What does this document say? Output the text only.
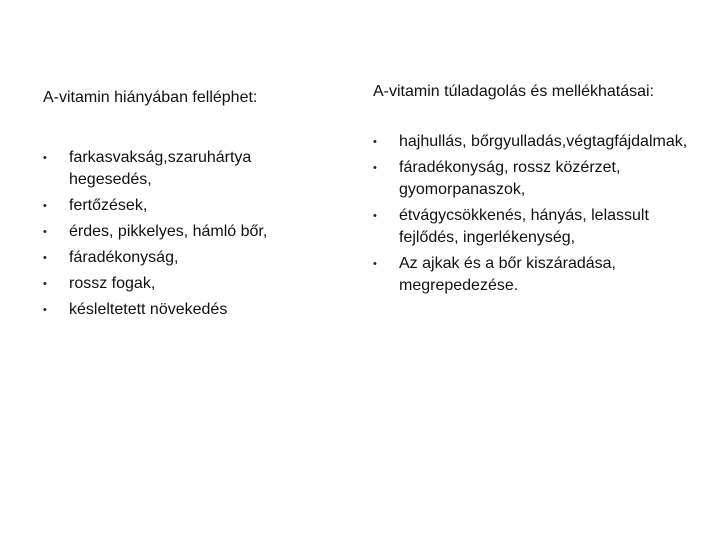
A-vitamin hiányában felléphet:

•	farkasvakság,szaruhártya hegesedés,
•	fertőzések,
•	érdes, pikkelyes, hámló bőr,
•	fáradékonyság,
•	rossz fogak,
•	késleltetett növekedés

A-vitamin túladagolás és mellékhatásai:

•	hajhullás, bőrgyulladás,végtagfájdalmak,
•	fáradékonyság, rossz közérzet, gyomorpanaszok,
•	étvágycsökkenés, hányás, lelassult fejlődés, ingerlékenység,
•	Az ajkak és a bőr kiszáradása, megrepedezése.
